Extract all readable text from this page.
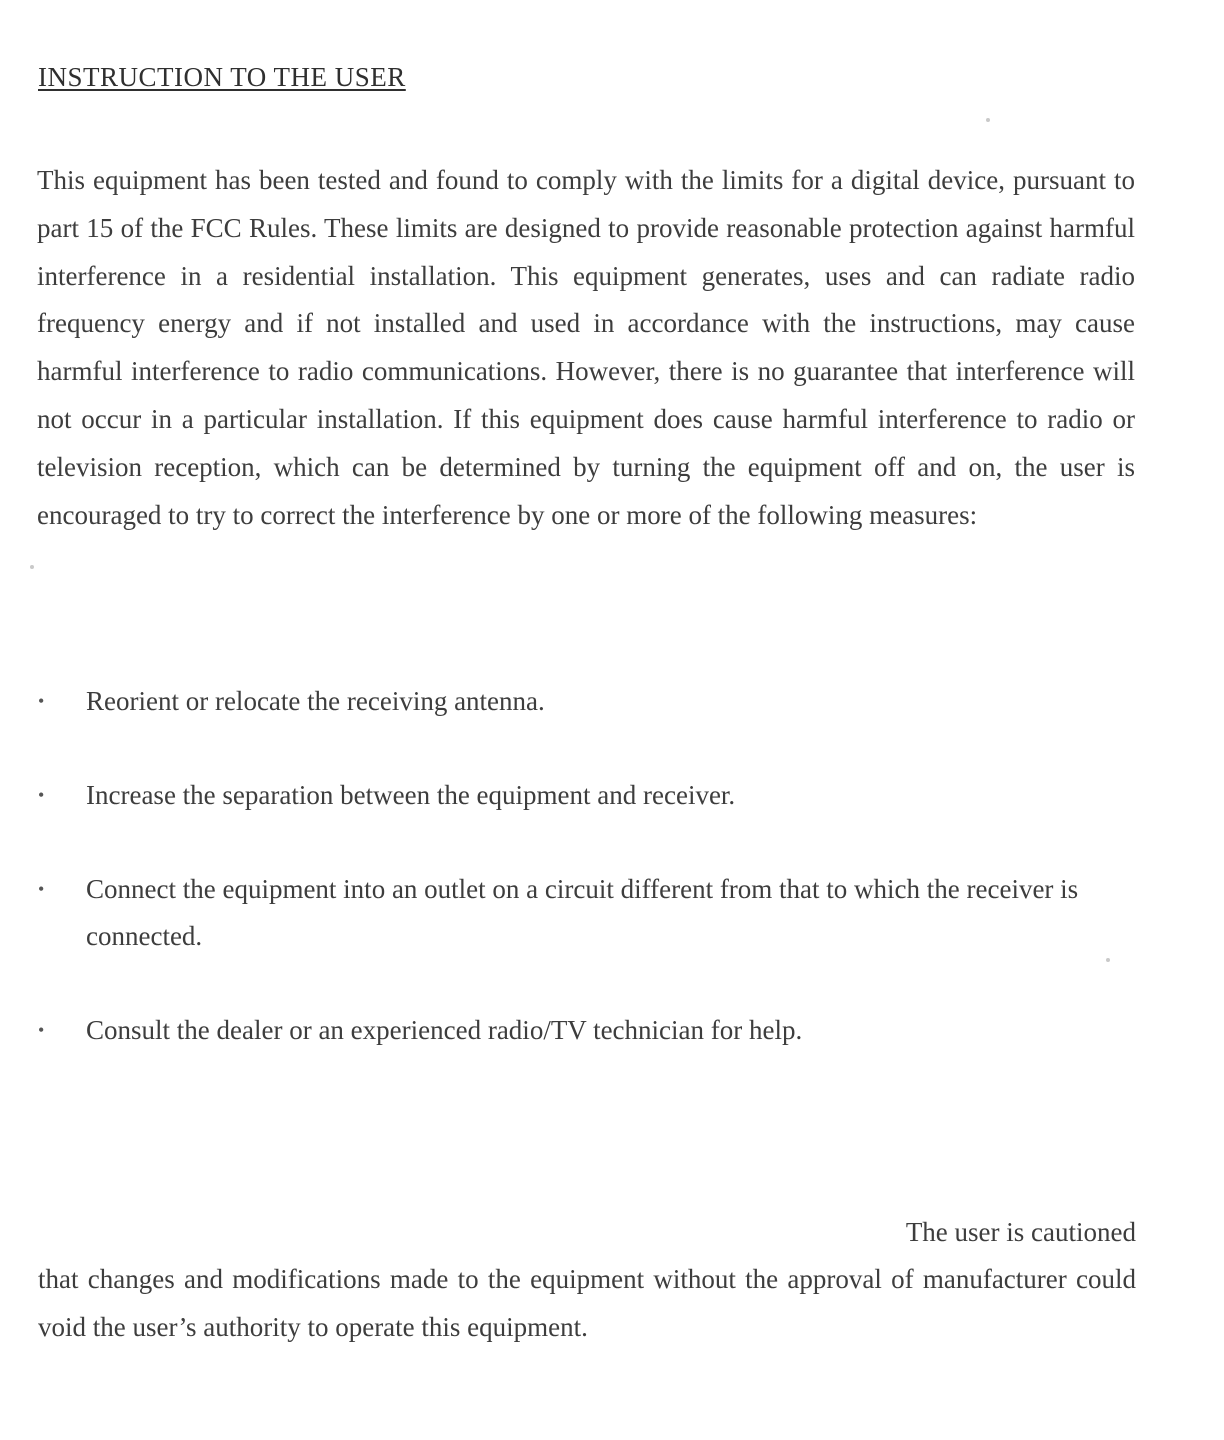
INSTRUCTION TO THE USER
This equipment has been tested and found to comply with the limits for a digital device, pursuant to part 15 of the FCC Rules. These limits are designed to provide reasonable protection against harmful interference in a residential installation. This equipment generates, uses and can radiate radio frequency energy and if not installed and used in accordance with the instructions, may cause harmful interference to radio communications. However, there is no guarantee that interference will not occur in a particular installation. If this equipment does cause harmful interference to radio or television reception, which can be determined by turning the equipment off and on, the user is encouraged to try to correct the interference by one or more of the following measures:
• Reorient or relocate the receiving antenna.
• Increase the separation between the equipment and receiver.
• Connect the equipment into an outlet on a circuit different from that to which the receiver is connected.
• Consult the dealer or an experienced radio/TV technician for help.
The user is cautioned
that changes and modifications made to the equipment without the approval of manufacturer could void the user’s authority to operate this equipment.
